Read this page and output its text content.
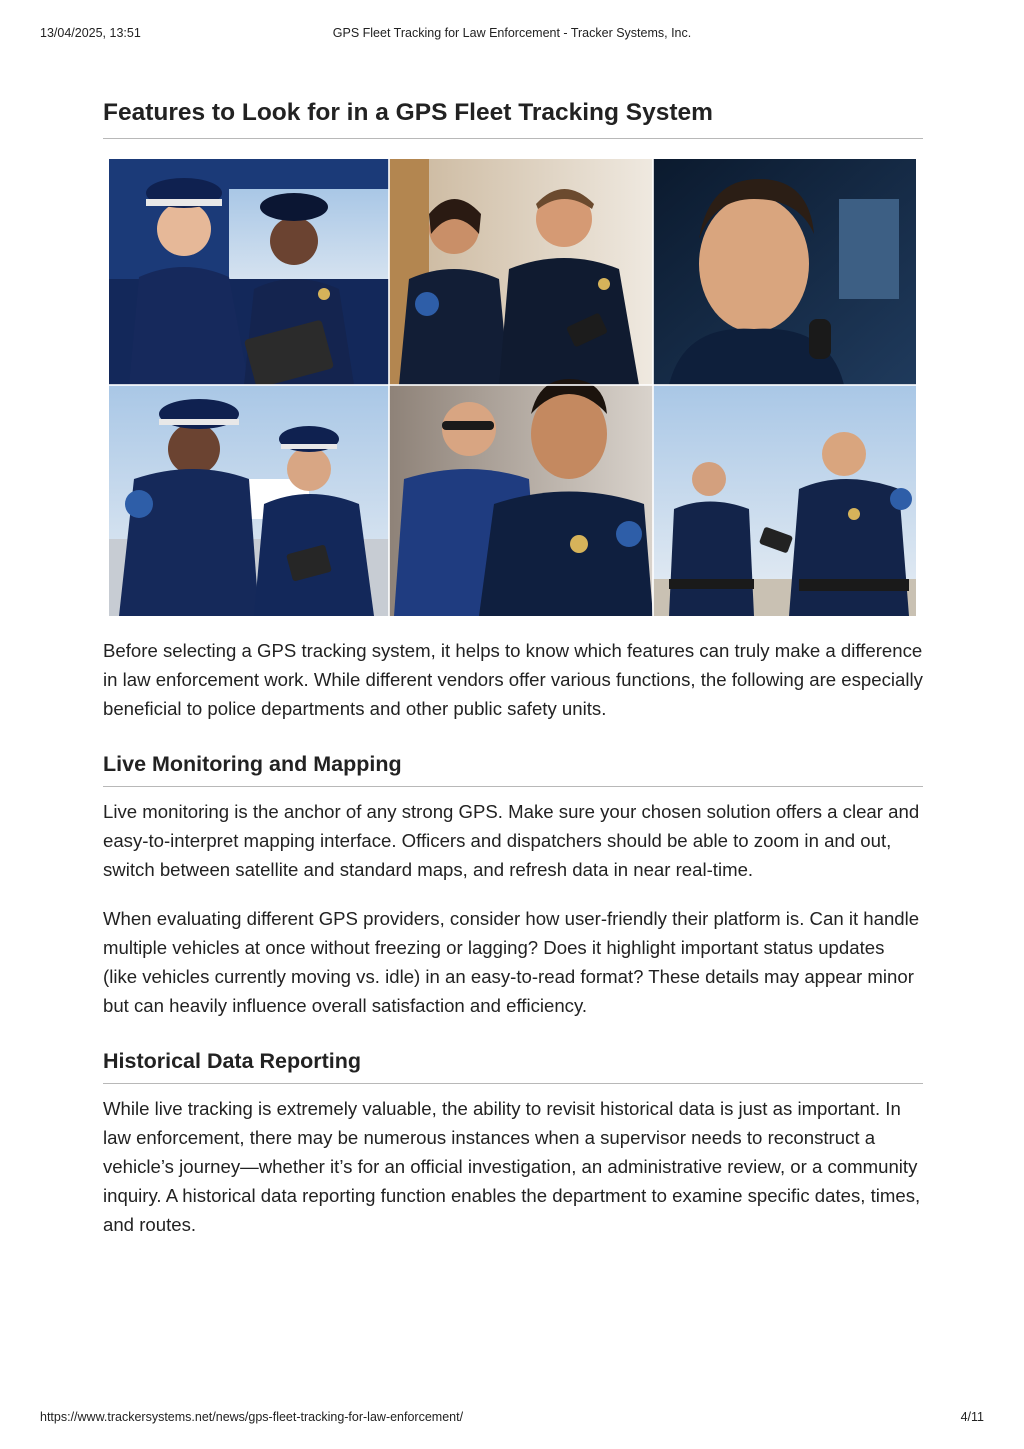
13/04/2025, 13:51	GPS Fleet Tracking for Law Enforcement - Tracker Systems, Inc.
Features to Look for in a GPS Fleet Tracking System

Before selecting a GPS tracking system, it helps to know which features can truly make a difference in law enforcement work. While different vendors offer various functions, the following are especially beneficial to police departments and other public safety units.

Live Monitoring and Mapping

Live monitoring is the anchor of any strong GPS. Make sure your chosen solution offers a clear and easy-to-interpret mapping interface. Officers and dispatchers should be able to zoom in and out, switch between satellite and standard maps, and refresh data in near real-time.

When evaluating different GPS providers, consider how user-friendly their platform is. Can it handle multiple vehicles at once without freezing or lagging? Does it highlight important status updates (like vehicles currently moving vs. idle) in an easy-to-read format? These details may appear minor but can heavily influence overall satisfaction and efficiency.

Historical Data Reporting

While live tracking is extremely valuable, the ability to revisit historical data is just as important. In law enforcement, there may be numerous instances when a supervisor needs to reconstruct a vehicle’s journey—whether it’s for an official investigation, an administrative review, or a community inquiry. A historical data reporting function enables the department to examine specific dates, times, and routes.

https://www.trackersystems.net/news/gps-fleet-tracking-for-law-enforcement/	4/11
